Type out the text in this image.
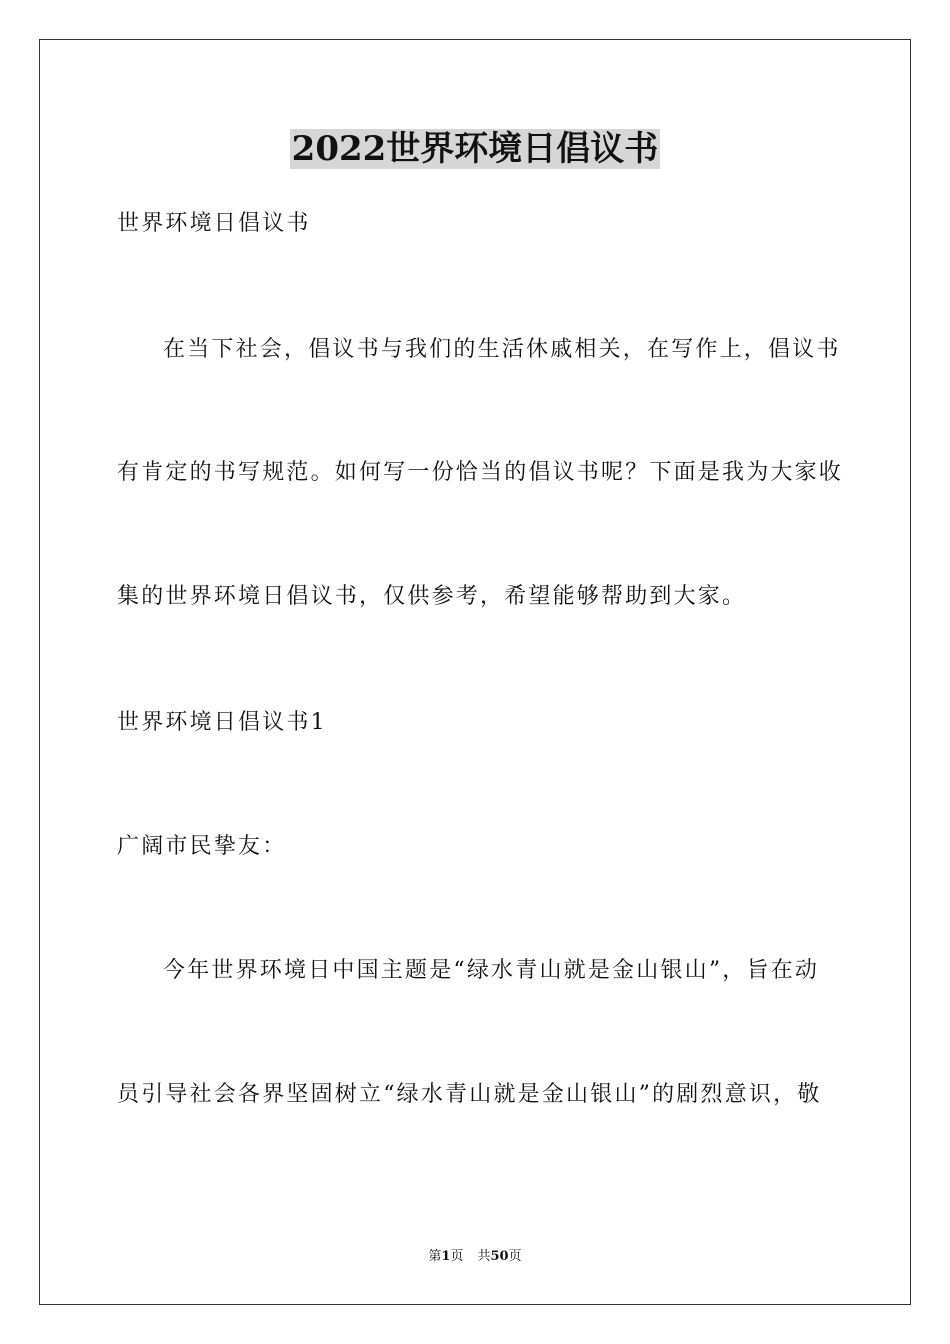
2022世界环境日倡议书
世界环境日倡议书
在当下社会，倡议书与我们的生活休戚相关，在写作上，倡议书
有肯定的书写规范。如何写一份恰当的倡议书呢？下面是我为大家收
集的世界环境日倡议书，仅供参考，希望能够帮助到大家。
世界环境日倡议书1
广阔市民挚友：
今年世界环境日中国主题是“绿水青山就是金山银山”，旨在动
员引导社会各界坚固树立“绿水青山就是金山银山”的剧烈意识，敬
第1页 共50页
